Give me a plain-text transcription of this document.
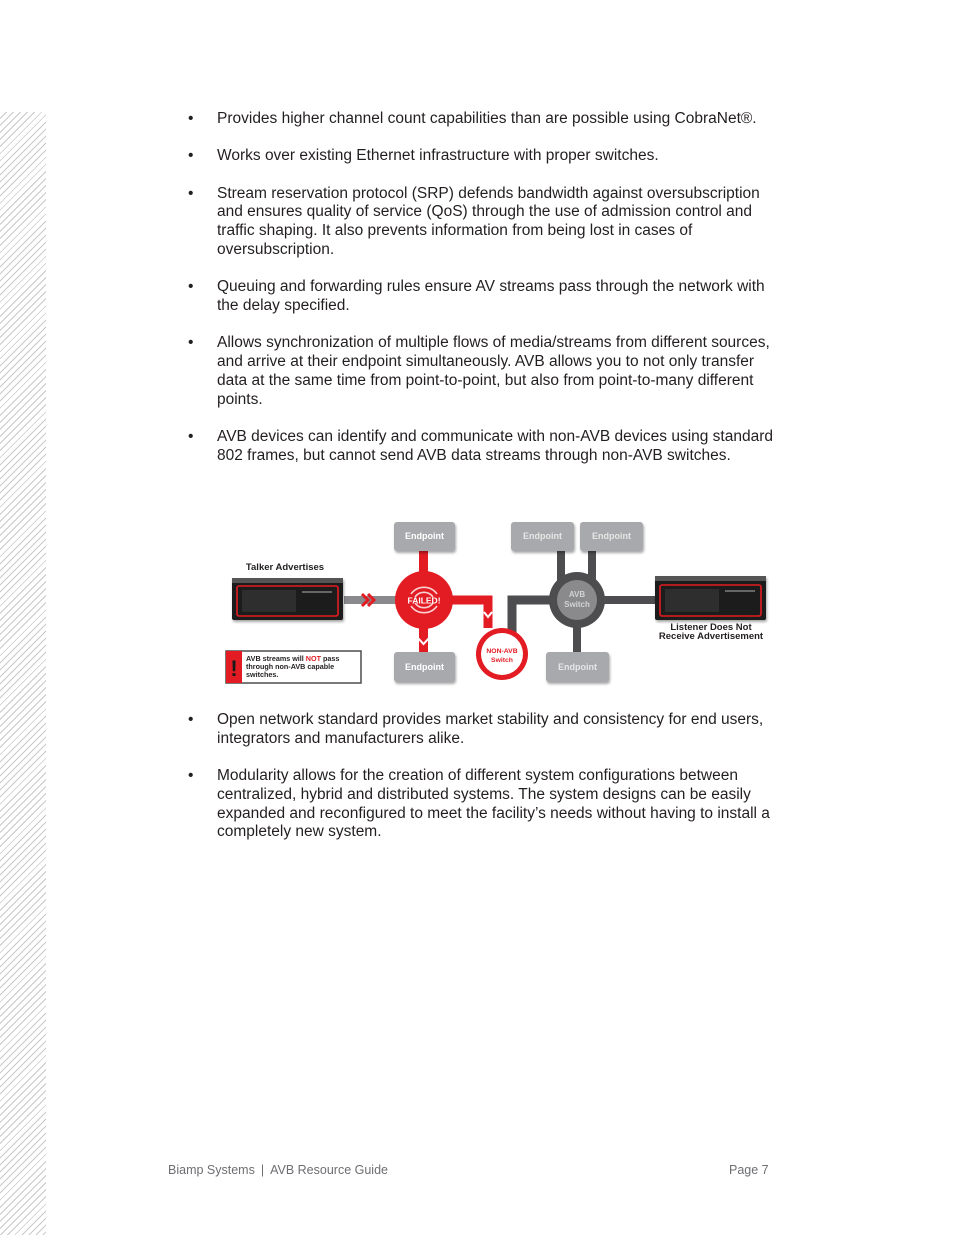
• Provides higher channel count capabilities than are possible using CobraNet®.
• Works over existing Ethernet infrastructure with proper switches.
• Stream reservation protocol (SRP) defends bandwidth against oversubscription and ensures quality of service (QoS) through the use of admission control and traffic shaping. It also prevents information from being lost in cases of oversubscription.
• Queuing and forwarding rules ensure AV streams pass through the network with the delay specified.
• Allows synchronization of multiple flows of media/streams from different sources, and arrive at their endpoint simultaneously. AVB allows you to not only transfer data at the same time from point-to-point, but also from point-to-many different points.
• AVB devices can identify and communicate with non-AVB devices using standard 802 frames, but cannot send AVB data streams through non-AVB switches.
Talker Advertises
! AVB streams will NOT pass
through non-AVB capable
switches.
Endpoint
Endpoint
Endpoint	Endpoint
Endpoint
FAILED!
NON-AVB
Switch
AVB
Switch
Listener Does Not
Receive Advertisement
• Open network standard provides market stability and consistency for end users, integrators and manufacturers alike.
• Modularity allows for the creation of different system configurations between centralized, hybrid and distributed systems. The system designs can be easily expanded and reconfigured to meet the facility’s needs without having to install a completely new system.
Biamp Systems | AVB Resource Guide	Page 7
